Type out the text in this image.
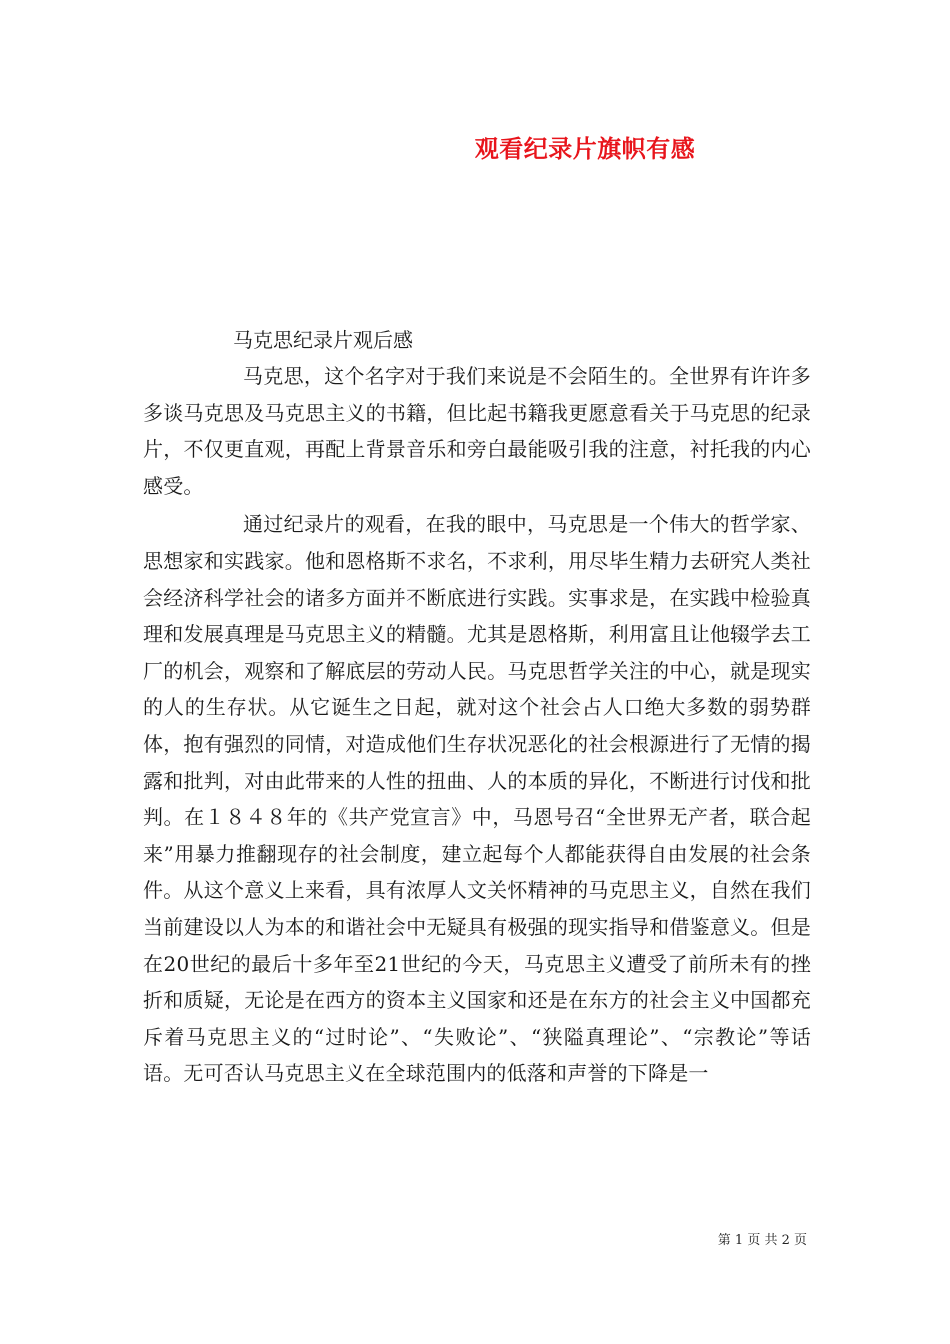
观看纪录片旗帜有感

马克思纪录片观后感

马克思，这个名字对于我们来说是不会陌生的。全世界有许许多多谈马克思及马克思主义的书籍，但比起书籍我更愿意看关于马克思的纪录片，不仅更直观，再配上背景音乐和旁白最能吸引我的注意，衬托我的内心感受。

通过纪录片的观看，在我的眼中，马克思是一个伟大的哲学家、思想家和实践家。他和恩格斯不求名，不求利，用尽毕生精力去研究人类社会经济科学社会的诸多方面并不断底进行实践。实事求是，在实践中检验真理和发展真理是马克思主义的精髓。尤其是恩格斯，利用富且让他辍学去工厂的机会，观察和了解底层的劳动人民。马克思哲学关注的中心，就是现实的人的生存状。从它诞生之日起，就对这个社会占人口绝大多数的弱势群体，抱有强烈的同情，对造成他们生存状况恶化的社会根源进行了无情的揭露和批判，对由此带来的人性的扭曲、人的本质的异化，不断进行讨伐和批判。在１８４８年的《共产党宣言》中，马恩号召“全世界无产者，联合起来”用暴力推翻现存的社会制度，建立起每个人都能获得自由发展的社会条件。从这个意义上来看，具有浓厚人文关怀精神的马克思主义，自然在我们当前建设以人为本的和谐社会中无疑具有极强的现实指导和借鉴意义。但是在20世纪的最后十多年至21世纪的今天，马克思主义遭受了前所未有的挫折和质疑，无论是在西方的资本主义国家和还是在东方的社会主义中国都充斥着马克思主义的“过时论”、“失败论”、“狭隘真理论”、“宗教论”等话语。无可否认马克思主义在全球范围内的低落和声誉的下降是一

第 1 页 共 2 页
